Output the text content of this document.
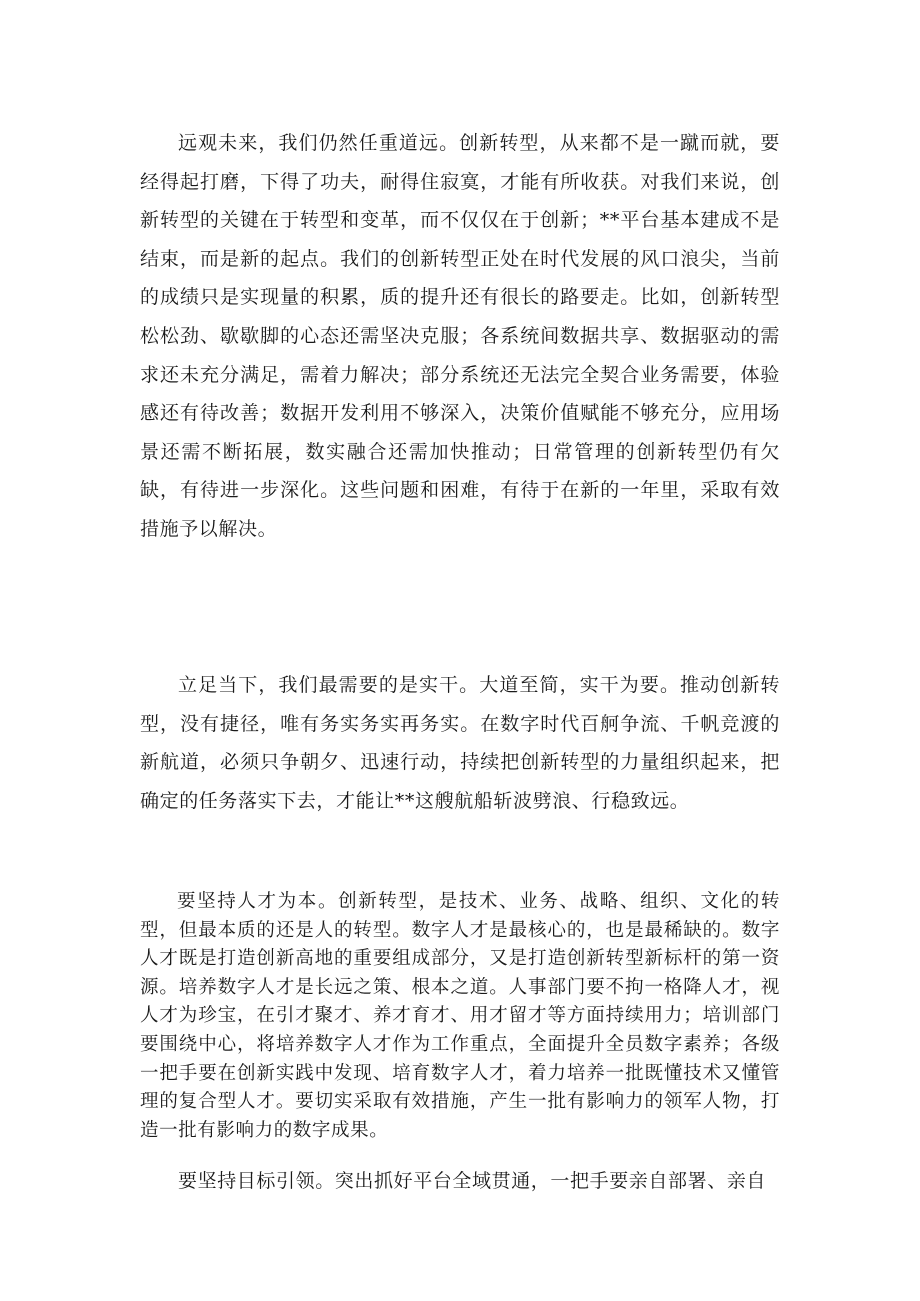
远观未来，我们仍然任重道远。创新转型，从来都不是一蹴而就，要经得起打磨，下得了功夫，耐得住寂寞，才能有所收获。对我们来说，创新转型的关键在于转型和变革，而不仅仅在于创新；**平台基本建成不是结束，而是新的起点。我们的创新转型正处在时代发展的风口浪尖，当前的成绩只是实现量的积累，质的提升还有很长的路要走。比如，创新转型松松劲、歇歇脚的心态还需坚决克服；各系统间数据共享、数据驱动的需求还未充分满足，需着力解决；部分系统还无法完全契合业务需要，体验感还有待改善；数据开发利用不够深入，决策价值赋能不够充分，应用场景还需不断拓展，数实融合还需加快推动；日常管理的创新转型仍有欠缺，有待进一步深化。这些问题和困难，有待于在新的一年里，采取有效措施予以解决。

立足当下，我们最需要的是实干。大道至简，实干为要。推动创新转型，没有捷径，唯有务实务实再务实。在数字时代百舸争流、千帆竞渡的新航道，必须只争朝夕、迅速行动，持续把创新转型的力量组织起来，把确定的任务落实下去，才能让**这艘航船斩波劈浪、行稳致远。

要坚持人才为本。创新转型，是技术、业务、战略、组织、文化的转型，但最本质的还是人的转型。数字人才是最核心的，也是最稀缺的。数字人才既是打造创新高地的重要组成部分，又是打造创新转型新标杆的第一资源。培养数字人才是长远之策、根本之道。人事部门要不拘一格降人才，视人才为珍宝，在引才聚才、养才育才、用才留才等方面持续用力；培训部门要围绕中心，将培养数字人才作为工作重点，全面提升全员数字素养；各级一把手要在创新实践中发现、培育数字人才，着力培养一批既懂技术又懂管理的复合型人才。要切实采取有效措施，产生一批有影响力的领军人物，打造一批有影响力的数字成果。

要坚持目标引领。突出抓好平台全域贯通，一把手要亲自部署、亲自
